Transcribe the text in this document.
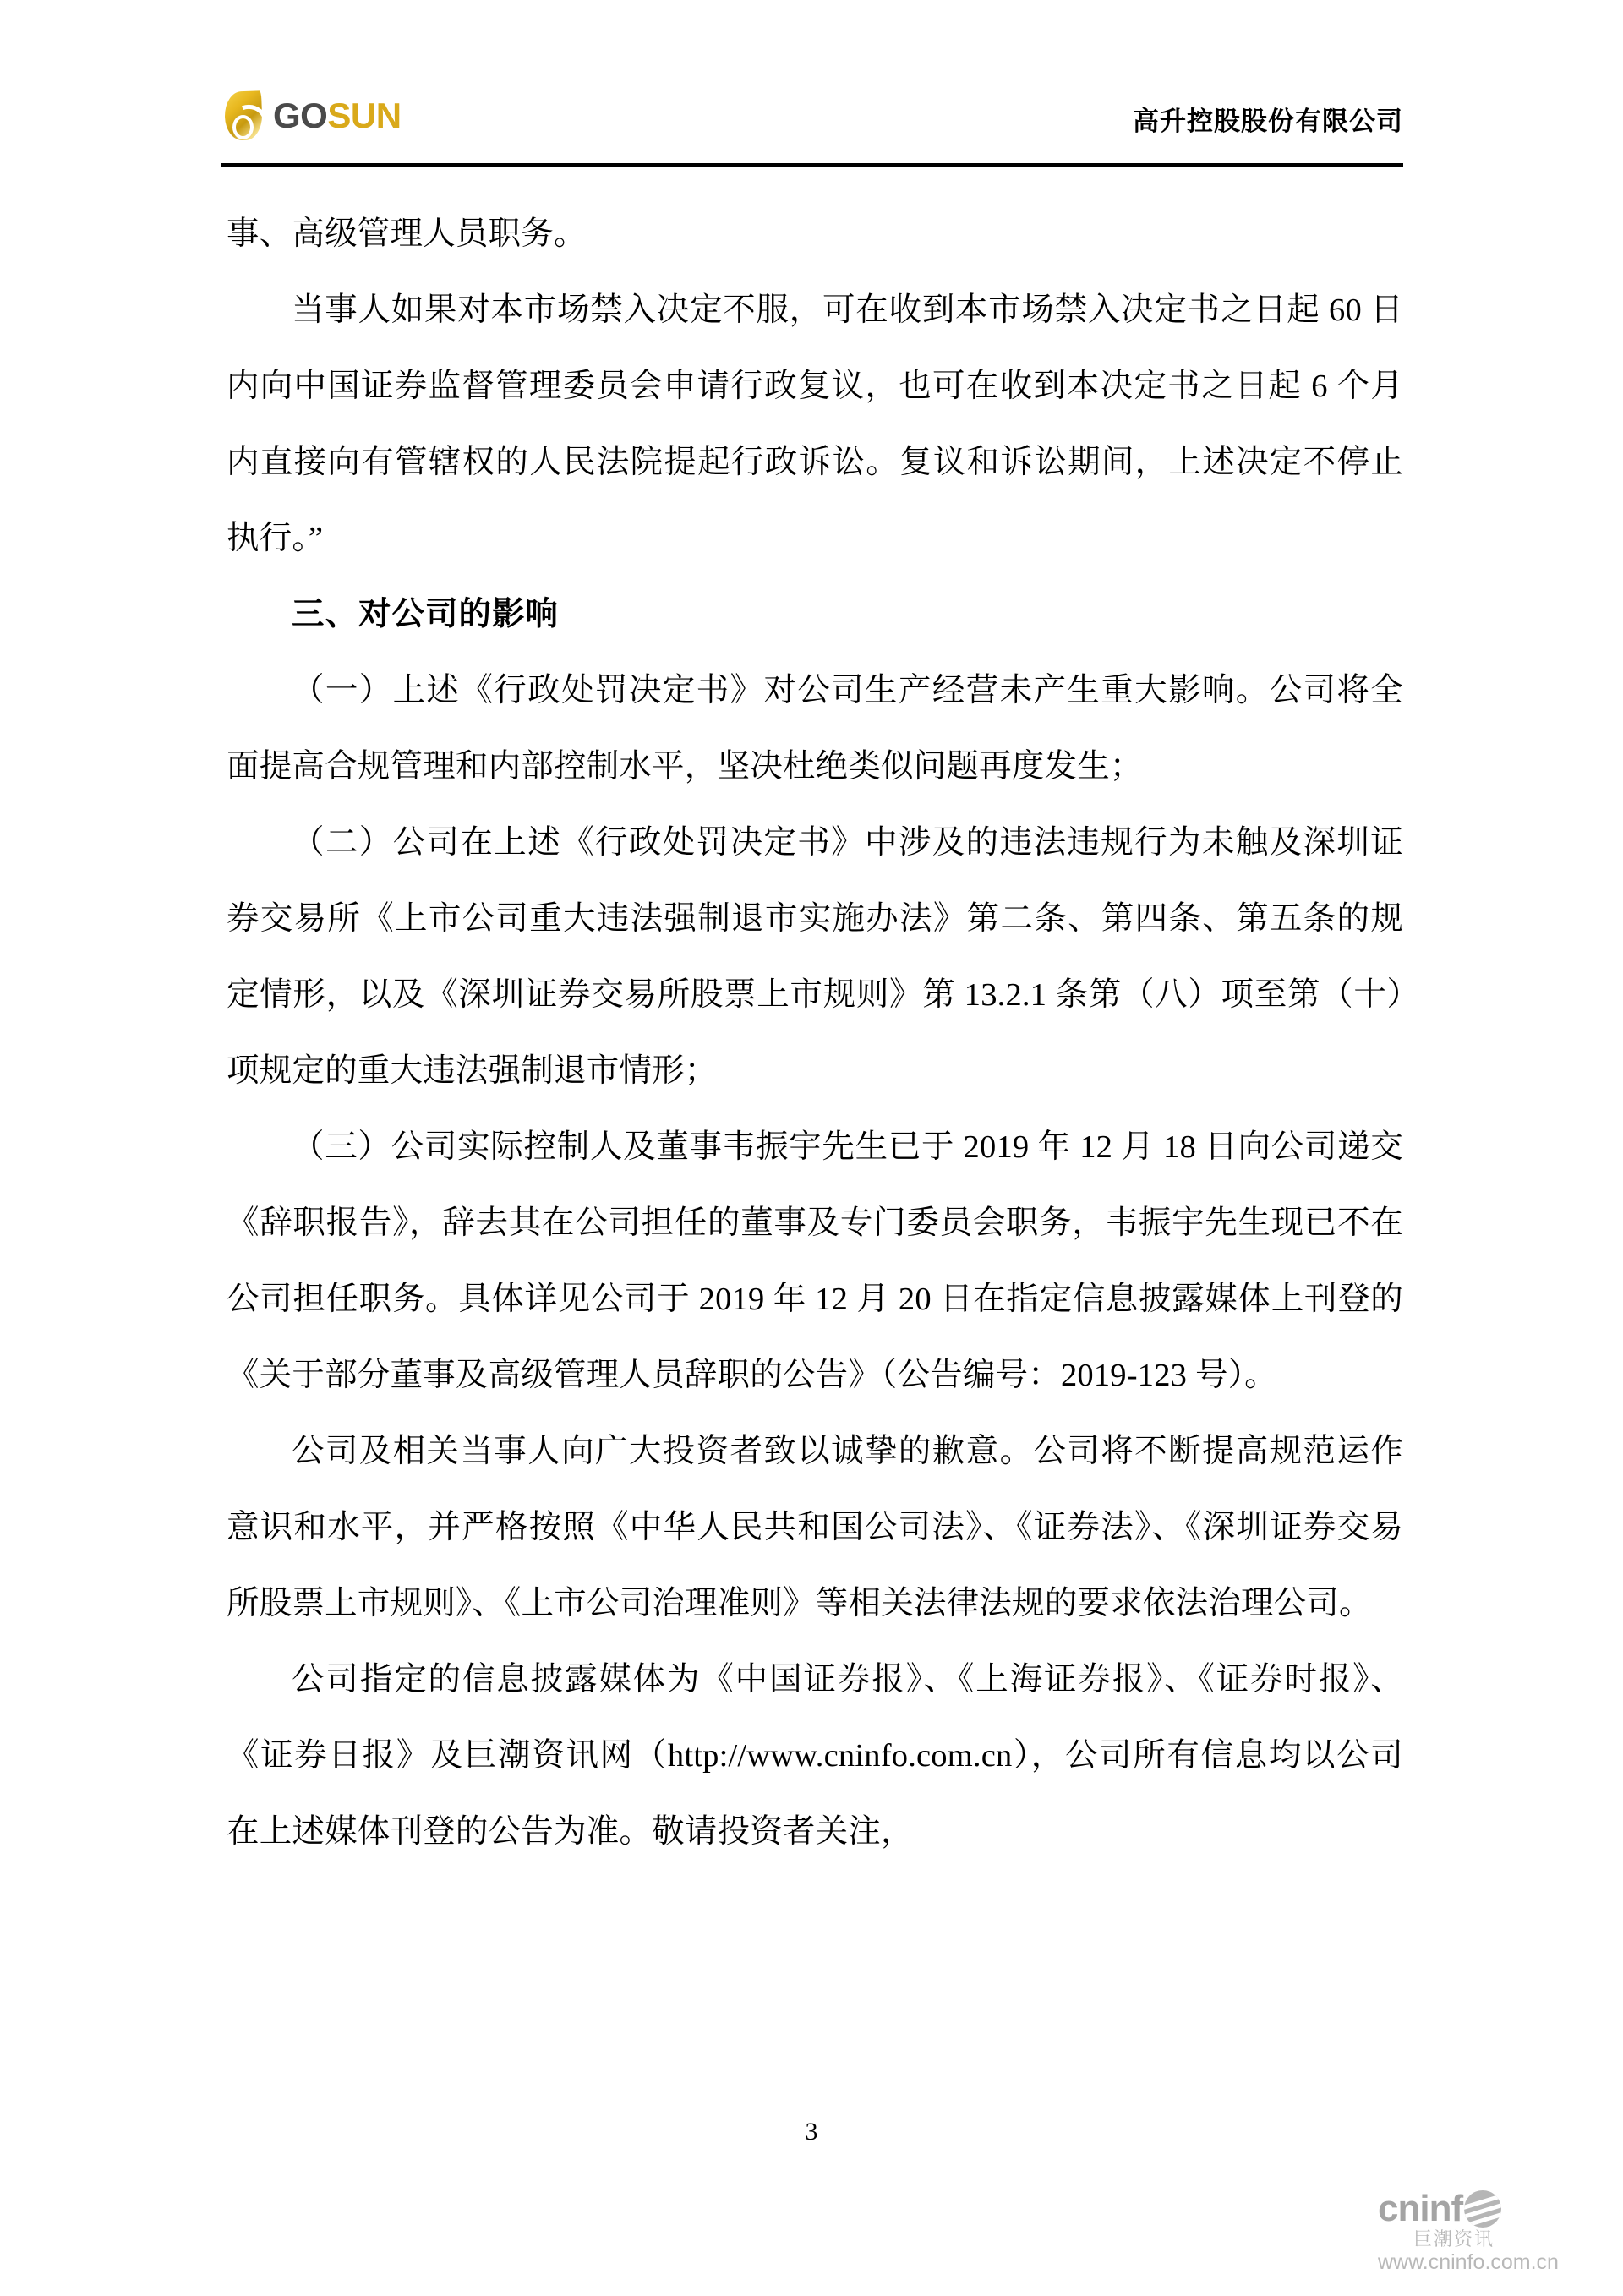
GOSUN	高升控股股份有限公司

事、高级管理人员职务。

当事人如果对本市场禁入决定不服，可在收到本市场禁入决定书之日起 60 日内向中国证券监督管理委员会申请行政复议，也可在收到本决定书之日起 6 个月内直接向有管辖权的人民法院提起行政诉讼。复议和诉讼期间，上述决定不停止执行。”

三、对公司的影响

（一）上述《行政处罚决定书》对公司生产经营未产生重大影响。公司将全面提高合规管理和内部控制水平，坚决杜绝类似问题再度发生；

（二）公司在上述《行政处罚决定书》中涉及的违法违规行为未触及深圳证券交易所《上市公司重大违法强制退市实施办法》第二条、第四条、第五条的规定情形，以及《深圳证券交易所股票上市规则》第 13.2.1 条第（八）项至第（十）项规定的重大违法强制退市情形；

（三）公司实际控制人及董事韦振宇先生已于 2019 年 12 月 18 日向公司递交《辞职报告》，辞去其在公司担任的董事及专门委员会职务，韦振宇先生现已不在公司担任职务。具体详见公司于 2019 年 12 月 20 日在指定信息披露媒体上刊登的《关于部分董事及高级管理人员辞职的公告》（公告编号：2019-123 号）。

公司及相关当事人向广大投资者致以诚挚的歉意。公司将不断提高规范运作意识和水平，并严格按照《中华人民共和国公司法》、《证券法》、《深圳证券交易所股票上市规则》、《上市公司治理准则》等相关法律法规的要求依法治理公司。

公司指定的信息披露媒体为《中国证券报》、《上海证券报》、《证券时报》、《证券日报》及巨潮资讯网（http://www.cninfo.com.cn），公司所有信息均以公司在上述媒体刊登的公告为准。敬请投资者关注，

3
cninf
巨潮资讯
www.cninfo.com.cn
